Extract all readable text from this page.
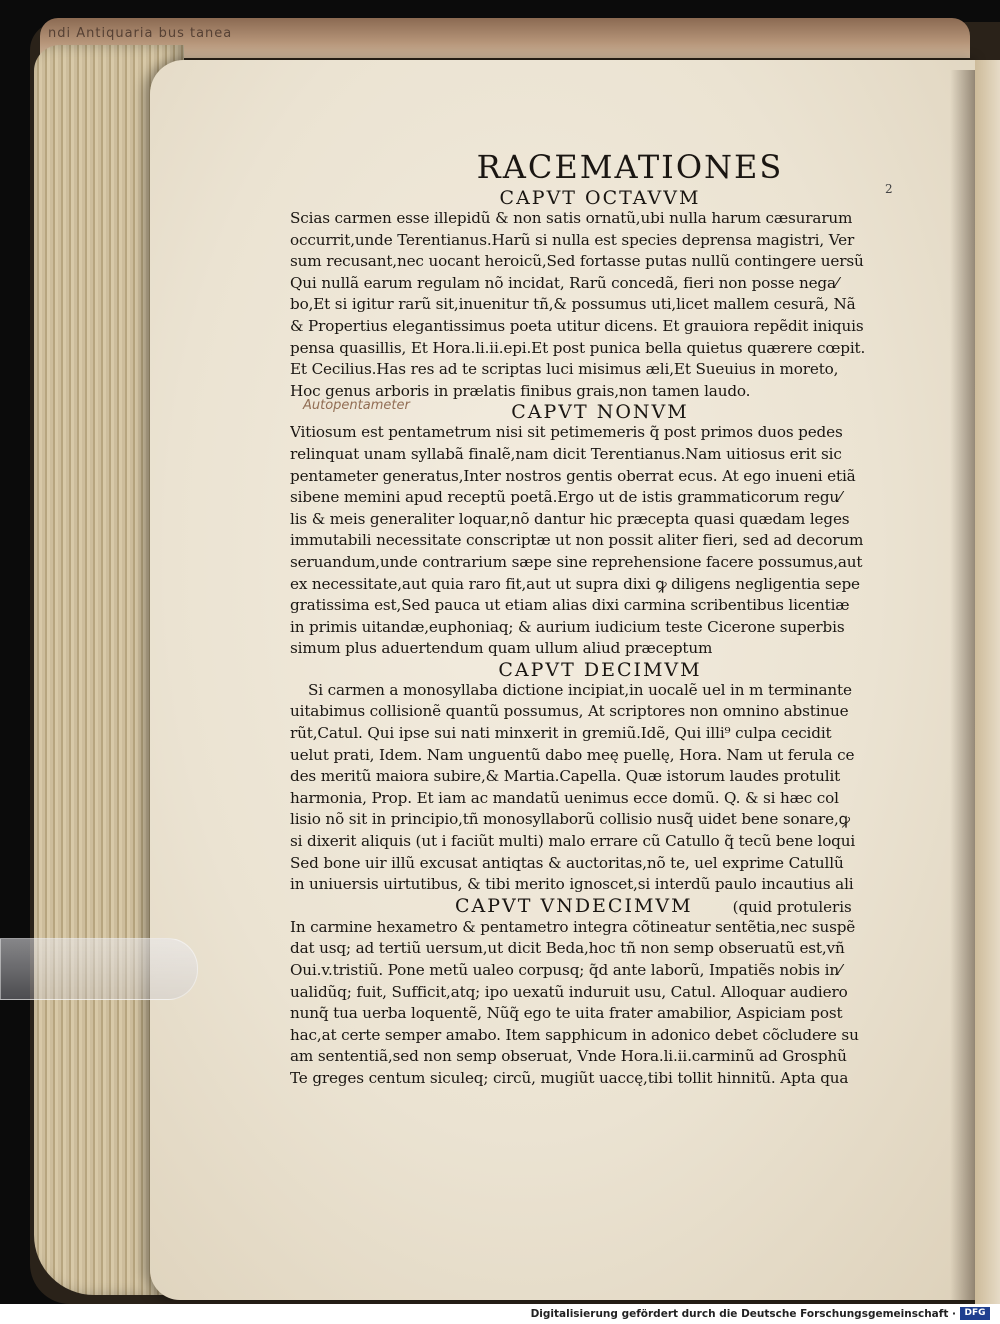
ndi Antiquaria bus tanea
2
Autopentameter
RACEMATIONES
CAPVT OCTAVVM
Scias carmen esse illepidũ & non satis ornatũ,ubi nulla harum cæsurarum
occurrit,unde Terentianus.Harũ si nulla est species deprensa magistri, Ver
sum recusant,nec uocant heroicũ,Sed fortasse putas nullũ contingere uersũ
Qui nullã earum regulam nõ incidat, Rarũ concedã, fieri non posse nega⁄
bo,Et si igitur rarũ sit,inuenitur tñ,& possumus uti,licet mallem cesurã, Nã
& Propertius elegantissimus poeta utitur dicens. Et grauiora repẽdit iniquis
pensa quasillis, Et Hora.li.ii.epi.Et post punica bella quietus quærere cœpit.
Et Cecilius.Has res ad te scriptas luci misimus æli,Et Sueuius in moreto,
Hoc genus arboris in prælatis finibus grais,non tamen laudo.
CAPVT NONVM
Vitiosum est pentametrum nisi sit petimemeris q̃ post primos duos pedes
relinquat unam syllabã finalẽ,nam dicit Terentianus.Nam uitiosus erit sic
pentameter generatus,Inter nostros gentis oberrat ecus. At ego inueni etiã
sibene memini apud receptũ poetã.Ergo ut de istis grammaticorum regu⁄
lis & meis generaliter loquar,nõ dantur hic præcepta quasi quædam leges
immutabili necessitate conscriptæ ut non possit aliter fieri, sed ad decorum
seruandum,unde contrarium sæpe sine reprehensione facere possumus,aut
ex necessitate,aut quia raro fit,aut ut supra dixi ꝙ diligens negligentia sepe
gratissima est,Sed pauca ut etiam alias dixi carmina scribentibus licentiæ
in primis uitandæ,euphoniaq; & aurium iudicium teste Cicerone superbis
simum plus aduertendum quam ullum aliud præceptum
CAPVT DECIMVM
Si carmen a monosyllaba dictione incipiat,in uocalẽ uel in m terminante
uitabimus collisionẽ quantũ possumus, At scriptores non omnino abstinue
rũt,Catul. Qui ipse sui nati minxerit in gremiũ.Idẽ, Qui illi⁹ culpa cecidit
uelut prati, Idem. Nam unguentũ dabo meę puellę, Hora. Nam ut ferula ce
des meritũ maiora subire,& Martia.Capella. Quæ istorum laudes protulit
harmonia, Prop. Et iam ac mandatũ uenimus ecce domũ. Q. & si hæc col
lisio nõ sit in principio,tñ monosyllaborũ collisio nusq̃ uidet bene sonare,ꝙ
si dixerit aliquis (ut i faciũt multi) malo errare cũ Catullo q̃ tecũ bene loqui
Sed bone uir illũ excusat antiqtas & auctoritas,nõ te, uel exprime Catullũ
in uniuersis uirtutibus, & tibi merito ignoscet,si interdũ paulo incautius ali
CAPVT VNDECIMVM	(quid protuleris
In carmine hexametro & pentametro integra cõtineatur sentẽtia,nec suspẽ
dat usq; ad tertiũ uersum,ut dicit Beda,hoc tñ non semp obseruatũ est,vñ
Oui.v.tristiũ. Pone metũ ualeo corpusq; q̃d ante laborũ, Impatiẽs nobis in⁄
ualidũq; fuit, Sufficit,atq; ipo uexatũ induruit usu, Catul. Alloquar audiero
nunq̃ tua uerba loquentẽ, Nũq̃ ego te uita frater amabilior, Aspiciam post
hac,at certe semper amabo. Item sapphicum in adonico debet cõcludere su
am sententiã,sed non semp obseruat, Vnde Hora.li.ii.carminũ ad Grosphũ
Te greges centum siculeq; circũ, mugiũt uaccę,tibi tollit hinnitũ. Apta qua
Digitalisierung gefördert durch die Deutsche Forschungsgemeinschaft · DFG
